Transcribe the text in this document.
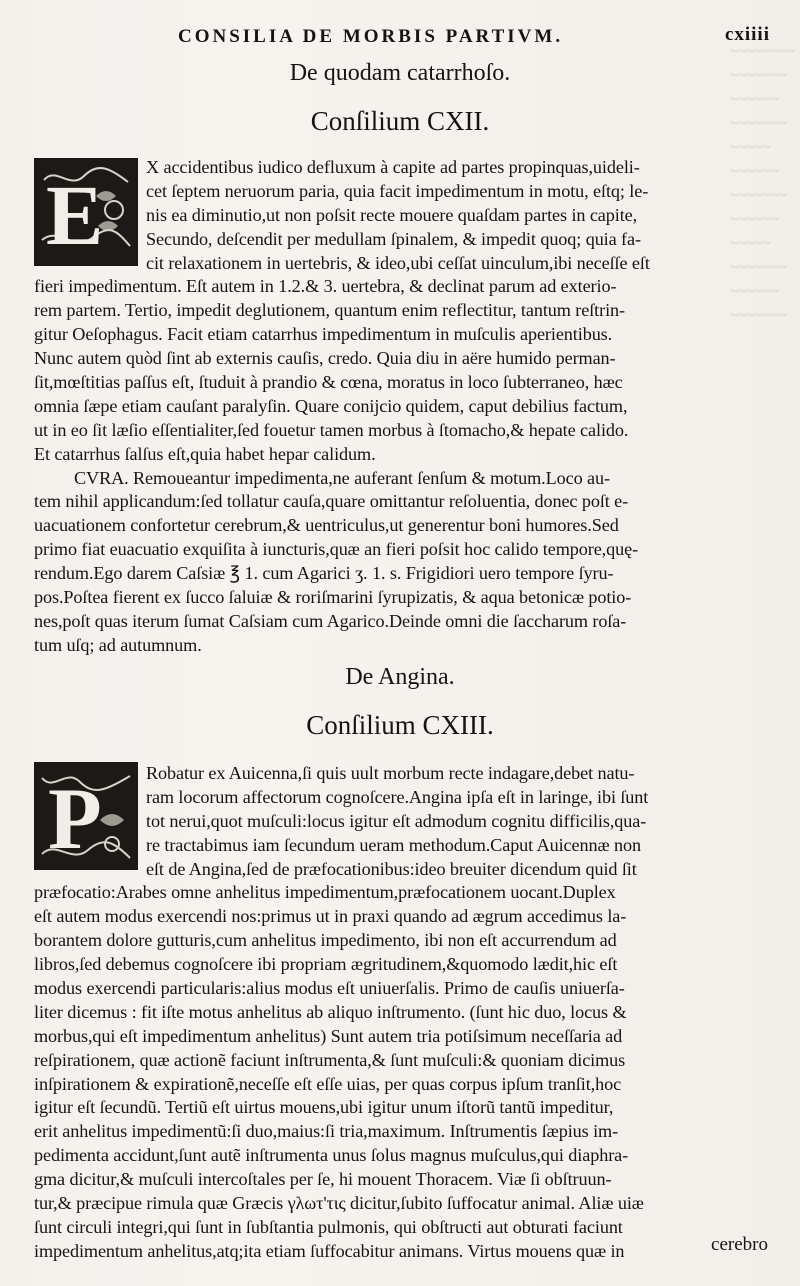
~~~~~~~~
~~~~~~~
~~~~~~
~~~~~~~
~~~~~
~~~~~~
~~~~~~~
~~~~~~
~~~~~
~~~~~~~
~~~~~~
~~~~~~~
CONSILIA DE MORBIS PARTIVM.	cxiiii
De quodam catarrhoſo.
Conſilium CXII.
E	X accidentibus iudico defluxum à capite ad partes propinquas,uideli-
cet ſeptem neruorum paria, quia facit impedimentum in motu, eſtq; le-
nis ea diminutio,ut non poſsit recte mouere quaſdam partes in capite,
Secundo, deſcendit per medullam ſpinalem, & impedit quoq; quia fa-
cit relaxationem in uertebris, & ideo,ubi ceſſat uinculum,ibi neceſſe eſt
fieri impedimentum. Eſt autem in 1.2.& 3. uertebra, & declinat parum ad exterio-
rem partem. Tertio, impedit deglutionem, quantum enim reflectitur, tantum reſtrin-
gitur Oeſophagus. Facit etiam catarrhus impedimentum in muſculis aperientibus.
Nunc autem quòd ſint ab externis cauſis, credo. Quia diu in aëre humido perman-
ſit,mœſtitias paſſus eſt, ſtuduit à prandio & cœna, moratus in loco ſubterraneo, hæc
omnia ſæpe etiam cauſant paralyſin. Quare conijcio quidem, caput debilius factum,
ut in eo ſit læſio eſſentialiter,ſed fouetur tamen morbus à ſtomacho,& hepate calido.
Et catarrhus ſalſus eſt,quia habet hepar calidum.
CVRA. Remoueantur impedimenta,ne auferant ſenſum & motum.Loco au-
tem nihil applicandum:ſed tollatur cauſa,quare omittantur reſoluentia, donec poſt e-
uacuationem confortetur cerebrum,& uentriculus,ut generentur boni humores.Sed
primo fiat euacuatio exquiſita à iuncturis,quæ an fieri poſsit hoc calido tempore,quę-
rendum.Ego darem Caſsiæ ℥ 1. cum Agarici ʒ. 1. s. Frigidiori uero tempore ſyru-
pos.Poſtea fierent ex ſucco ſaluiæ & roriſmarini ſyrupizatis, & aqua betonicæ potio-
nes,poſt quas iterum ſumat Caſsiam cum Agarico.Deinde omni die ſaccharum roſa-
tum uſq; ad autumnum.
De Angina.
Conſilium CXIII.
P	Robatur ex Auicenna,ſi quis uult morbum recte indagare,debet natu-
ram locorum affectorum cognoſcere.Angina ipſa eſt in laringe, ibi ſunt
tot nerui,quot muſculi:locus igitur eſt admodum cognitu difficilis,qua-
re tractabimus iam ſecundum ueram methodum.Caput Auicennæ non
eſt de Angina,ſed de præfocationibus:ideo breuiter dicendum quid ſit
præfocatio:Arabes omne anhelitus impedimentum,præfocationem uocant.Duplex
eſt autem modus exercendi nos:primus ut in praxi quando ad ægrum accedimus la-
borantem dolore gutturis,cum anhelitus impedimento, ibi non eſt accurrendum ad
libros,ſed debemus cognoſcere ibi propriam ægritudinem,&quomodo lædit,hic eſt
modus exercendi particularis:alius modus eſt uniuerſalis. Primo de cauſis uniuerſa-
liter dicemus : fit iſte motus anhelitus ab aliquo inſtrumento. (ſunt hic duo, locus &
morbus,qui eſt impedimentum anhelitus) Sunt autem tria potiſsimum neceſſaria ad
reſpirationem, quæ actionẽ faciunt inſtrumenta,& ſunt muſculi:& quoniam dicimus
inſpirationem & expirationẽ,neceſſe eſt eſſe uias, per quas corpus ipſum tranſit,hoc
igitur eſt ſecundũ. Tertiũ eſt uirtus mouens,ubi igitur unum iſtorũ tantũ impeditur,
erit anhelitus impedimentũ:ſi duo,maius:ſi tria,maximum. Inſtrumentis ſæpius im-
pedimenta accidunt,ſunt autẽ inſtrumenta unus ſolus magnus muſculus,qui diaphra-
gma dicitur,& muſculi intercoſtales per ſe, hi mouent Thoracem. Viæ ſi obſtruun-
tur,& præcipue rimula quæ Græcis γλωτ'τις dicitur,ſubito ſuffocatur animal. Aliæ uiæ
ſunt circuli integri,qui ſunt in ſubſtantia pulmonis, qui obſtructi aut obturati faciunt
impedimentum anhelitus,atq;ita etiam ſuffocabitur animans. Virtus mouens quæ in	cerebro
